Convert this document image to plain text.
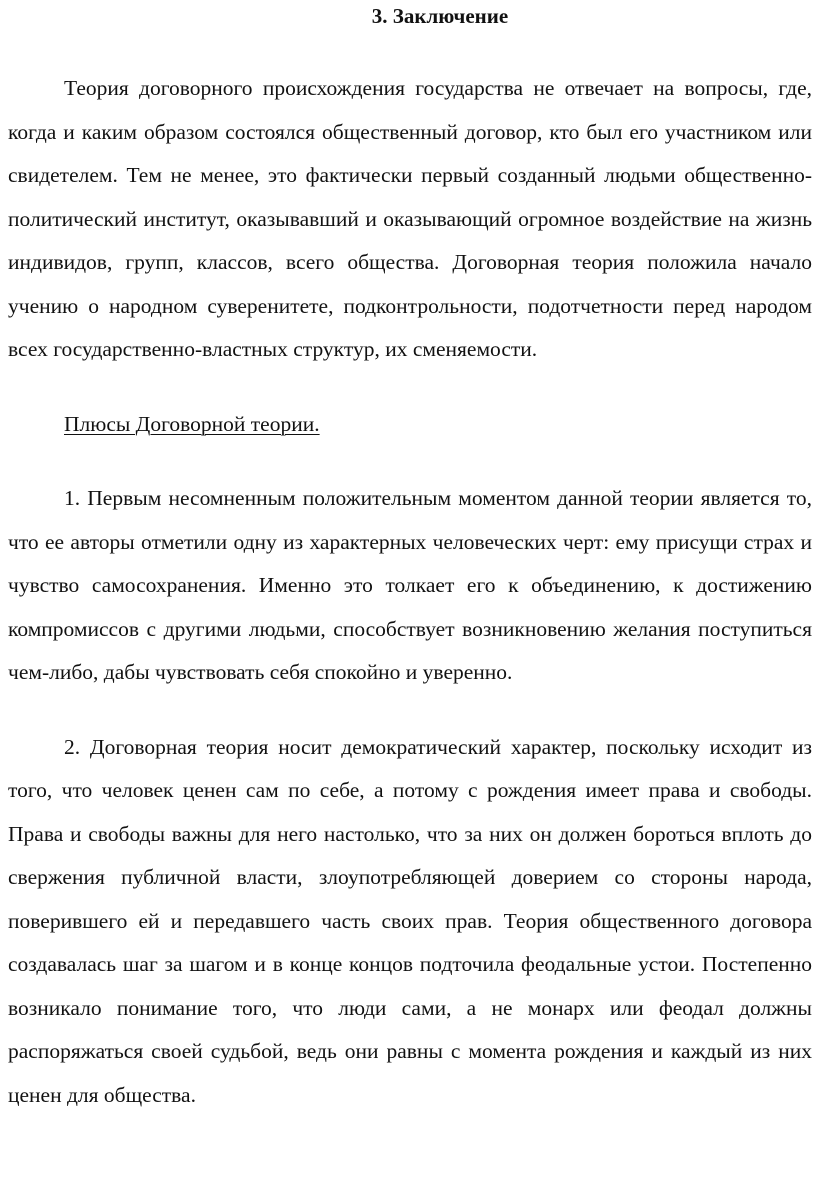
3. Заключение

Теория договорного происхождения государства не отвечает на вопросы, где, когда и каким образом состоялся общественный договор, кто был его участником или свидетелем. Тем не менее, это фактически первый созданный людьми общественно-политический институт, оказывавший и оказывающий огромное воздействие на жизнь индивидов, групп, классов, всего общества. Договорная теория положила начало учению о народном суверенитете, подконтрольности, подотчетности перед народом всех государственно-властных структур, их сменяемости.

Плюсы Договорной теории.

1. Первым несомненным положительным моментом данной теории является то, что ее авторы отметили одну из характерных человеческих черт: ему присущи страх и чувство самосохранения. Именно это толкает его к объединению, к достижению компромиссов с другими людьми, способствует возникновению желания поступиться чем-либо, дабы чувствовать себя спокойно и уверенно.

2. Договорная теория носит демократический характер, поскольку исходит из того, что человек ценен сам по себе, а потому с рождения имеет права и свободы. Права и свободы важны для него настолько, что за них он должен бороться вплоть до свержения публичной власти, злоупотребляющей доверием со стороны народа, поверившего ей и передавшего часть своих прав. Теория общественного договора создавалась шаг за шагом и в конце концов подточила феодальные устои. Постепенно возникало понимание того, что люди сами, а не монарх или феодал должны распоряжаться своей судьбой, ведь они равны с момента рождения и каждый из них ценен для общества.
